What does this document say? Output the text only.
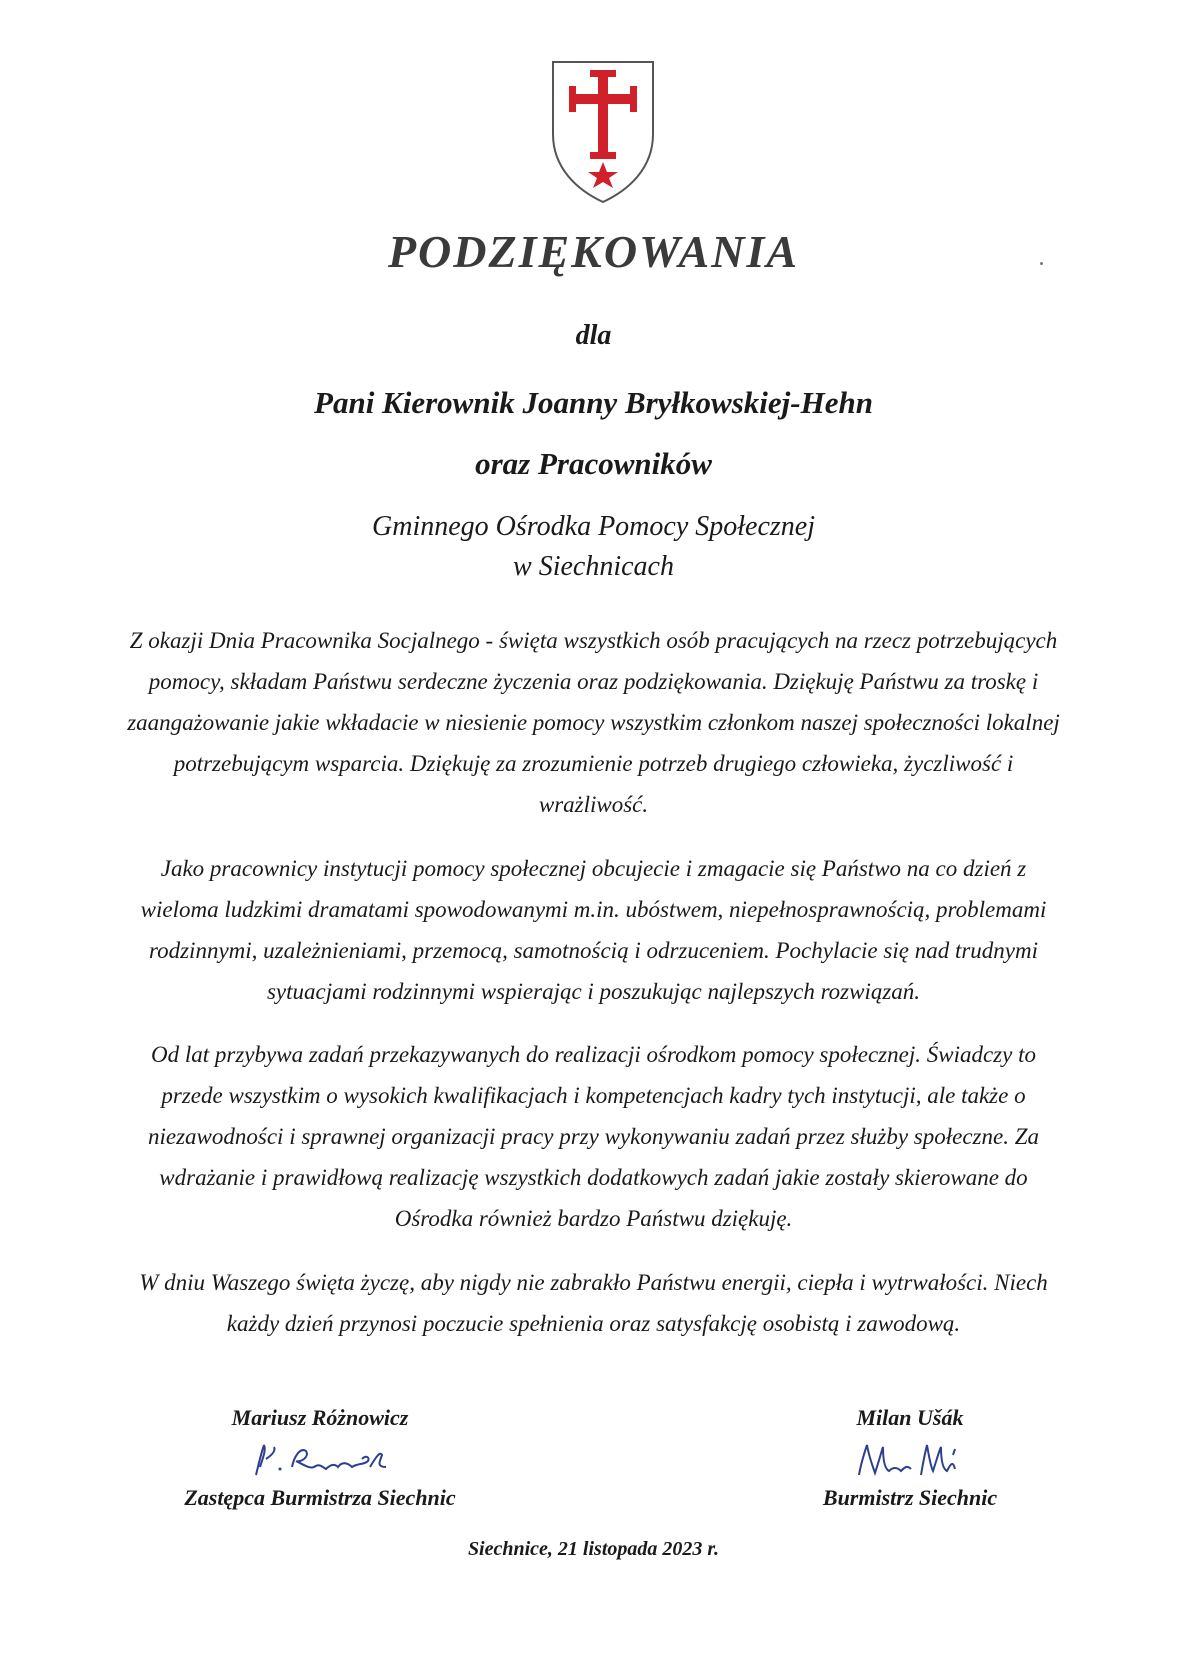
PODZIĘKOWANIA
dla
Pani Kierownik Joanny Bryłkowskiej-Hehn
oraz Pracowników
Gminnego Ośrodka Pomocy Społecznej
w Siechnicach

Z okazji Dnia Pracownika Socjalnego - święta wszystkich osób pracujących na rzecz potrzebujących pomocy, składam Państwu serdeczne życzenia oraz podziękowania. Dziękuję Państwu za troskę i zaangażowanie jakie wkładacie w niesienie pomocy wszystkim członkom naszej społeczności lokalnej potrzebującym wsparcia. Dziękuję za zrozumienie potrzeb drugiego człowieka, życzliwość i wrażliwość.

Jako pracownicy instytucji pomocy społecznej obcujecie i zmagacie się Państwo na co dzień z wieloma ludzkimi dramatami spowodowanymi m.in. ubóstwem, niepełnosprawnością, problemami rodzinnymi, uzależnieniami, przemocą, samotnością i odrzuceniem. Pochylacie się nad trudnymi sytuacjami rodzinnymi wspierając i poszukując najlepszych rozwiązań.

Od lat przybywa zadań przekazywanych do realizacji ośrodkom pomocy społecznej. Świadczy to przede wszystkim o wysokich kwalifikacjach i kompetencjach kadry tych instytucji, ale także o niezawodności i sprawnej organizacji pracy przy wykonywaniu zadań przez służby społeczne. Za wdrażanie i prawidłową realizację wszystkich dodatkowych zadań jakie zostały skierowane do Ośrodka również bardzo Państwu dziękuję.

W dniu Waszego święta życzę, aby nigdy nie zabrakło Państwu energii, ciepła i wytrwałości. Niech każdy dzień przynosi poczucie spełnienia oraz satysfakcję osobistą i zawodową.

Mariusz Różnowicz
Zastępca Burmistrza Siechnic
Milan Ušák
Burmistrz Siechnic
Siechnice, 21 listopada 2023 r.
